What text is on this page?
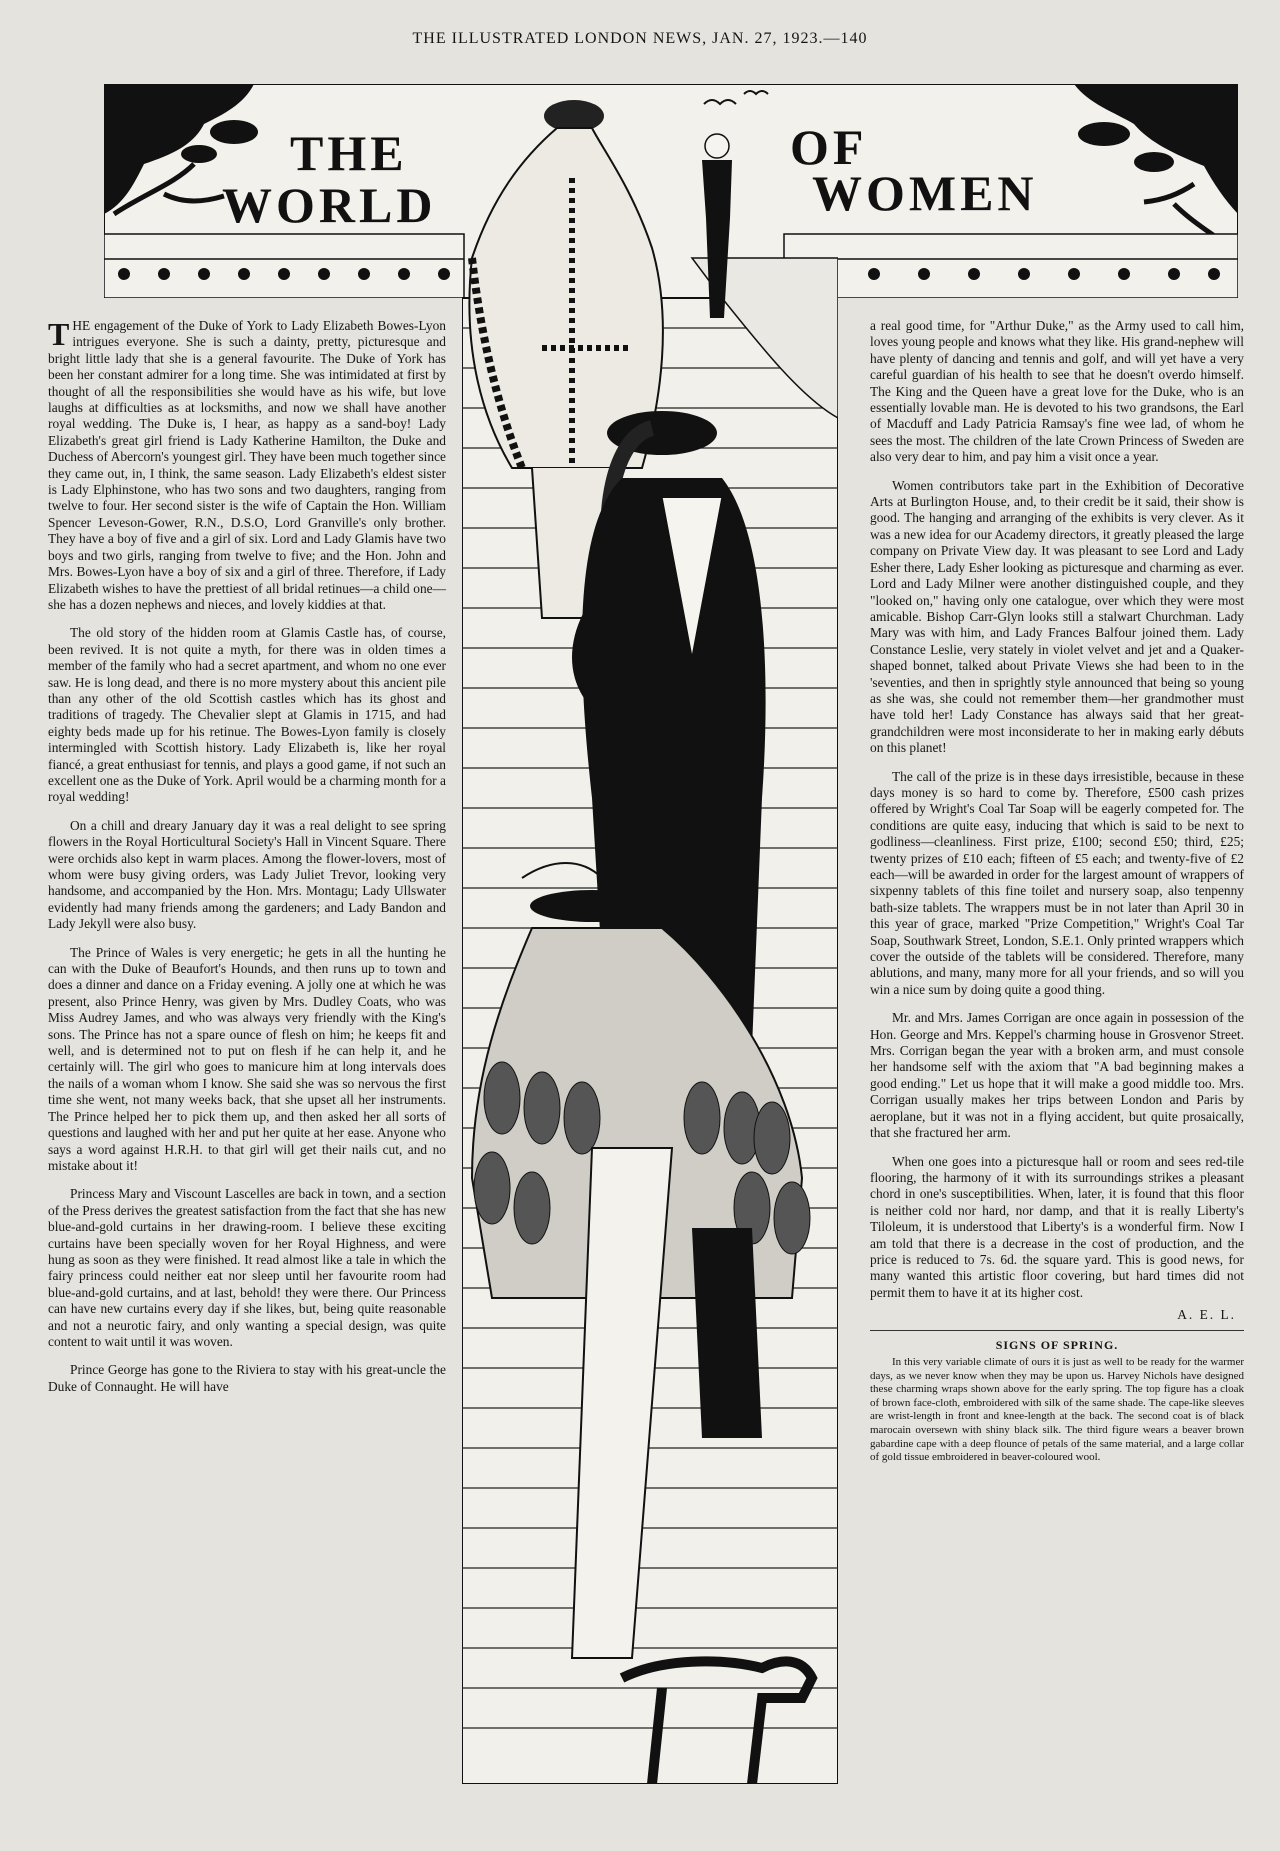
THE ILLUSTRATED LONDON NEWS, JAN. 27, 1923.—140
THE
WORLD
OF
WOMEN

THE engagement of the Duke of York to Lady Elizabeth Bowes-Lyon intrigues everyone. She is such a dainty, pretty, picturesque and bright little lady that she is a general favourite. The Duke of York has been her constant admirer for a long time. She was intimidated at first by thought of all the responsibilities she would have as his wife, but love laughs at difficulties as at locksmiths, and now we shall have another royal wedding. The Duke is, I hear, as happy as a sand-boy! Lady Elizabeth's great girl friend is Lady Katherine Hamilton, the Duke and Duchess of Abercorn's youngest girl. They have been much together since they came out, in, I think, the same season. Lady Elizabeth's eldest sister is Lady Elphinstone, who has two sons and two daughters, ranging from twelve to four. Her second sister is the wife of Captain the Hon. William Spencer Leveson-Gower, R.N., D.S.O, Lord Granville's only brother. They have a boy of five and a girl of six. Lord and Lady Glamis have two boys and two girls, ranging from twelve to five; and the Hon. John and Mrs. Bowes-Lyon have a boy of six and a girl of three. Therefore, if Lady Elizabeth wishes to have the prettiest of all bridal retinues—a child one—she has a dozen nephews and nieces, and lovely kiddies at that.

The old story of the hidden room at Glamis Castle has, of course, been revived. It is not quite a myth, for there was in olden times a member of the family who had a secret apartment, and whom no one ever saw. He is long dead, and there is no more mystery about this ancient pile than any other of the old Scottish castles which has its ghost and traditions of tragedy. The Chevalier slept at Glamis in 1715, and had eighty beds made up for his retinue. The Bowes-Lyon family is closely intermingled with Scottish history. Lady Elizabeth is, like her royal fiancé, a great enthusiast for tennis, and plays a good game, if not such an excellent one as the Duke of York. April would be a charming month for a royal wedding!

On a chill and dreary January day it was a real delight to see spring flowers in the Royal Horticultural Society's Hall in Vincent Square. There were orchids also kept in warm places. Among the flower-lovers, most of whom were busy giving orders, was Lady Juliet Trevor, looking very handsome, and accompanied by the Hon. Mrs. Montagu; Lady Ullswater evidently had many friends among the gardeners; and Lady Bandon and Lady Jekyll were also busy.

The Prince of Wales is very energetic; he gets in all the hunting he can with the Duke of Beaufort's Hounds, and then runs up to town and does a dinner and dance on a Friday evening. A jolly one at which he was present, also Prince Henry, was given by Mrs. Dudley Coats, who was Miss Audrey James, and who was always very friendly with the King's sons. The Prince has not a spare ounce of flesh on him; he keeps fit and well, and is determined not to put on flesh if he can help it, and he certainly will. The girl who goes to manicure him at long intervals does the nails of a woman whom I know. She said she was so nervous the first time she went, not many weeks back, that she upset all her instruments. The Prince helped her to pick them up, and then asked her all sorts of questions and laughed with her and put her quite at her ease. Anyone who says a word against H.R.H. to that girl will get their nails cut, and no mistake about it!

Princess Mary and Viscount Lascelles are back in town, and a section of the Press derives the greatest satisfaction from the fact that she has new blue-and-gold curtains in her drawing-room. I believe these exciting curtains have been specially woven for her Royal Highness, and were hung as soon as they were finished. It read almost like a tale in which the fairy princess could neither eat nor sleep until her favourite room had blue-and-gold curtains, and at last, behold! they were there. Our Princess can have new curtains every day if she likes, but, being quite reasonable and not a neurotic fairy, and only wanting a special design, was quite content to wait until it was woven.

Prince George has gone to the Riviera to stay with his great-uncle the Duke of Connaught. He will have

a real good time, for "Arthur Duke," as the Army used to call him, loves young people and knows what they like. His grand-nephew will have plenty of dancing and tennis and golf, and will yet have a very careful guardian of his health to see that he doesn't overdo himself. The King and the Queen have a great love for the Duke, who is an essentially lovable man. He is devoted to his two grandsons, the Earl of Macduff and Lady Patricia Ramsay's fine wee lad, of whom he sees the most. The children of the late Crown Princess of Sweden are also very dear to him, and pay him a visit once a year.

Women contributors take part in the Exhibition of Decorative Arts at Burlington House, and, to their credit be it said, their show is good. The hanging and arranging of the exhibits is very clever. As it was a new idea for our Academy directors, it greatly pleased the large company on Private View day. It was pleasant to see Lord and Lady Esher there, Lady Esher looking as picturesque and charming as ever. Lord and Lady Milner were another distinguished couple, and they "looked on," having only one catalogue, over which they were most amicable. Bishop Carr-Glyn looks still a stalwart Churchman. Lady Mary was with him, and Lady Frances Balfour joined them. Lady Constance Leslie, very stately in violet velvet and jet and a Quaker-shaped bonnet, talked about Private Views she had been to in the 'seventies, and then in sprightly style announced that being so young as she was, she could not remember them—her grandmother must have told her! Lady Constance has always said that her great-grandchildren were most inconsiderate to her in making early débuts on this planet!

The call of the prize is in these days irresistible, because in these days money is so hard to come by. Therefore, £500 cash prizes offered by Wright's Coal Tar Soap will be eagerly competed for. The conditions are quite easy, inducing that which is said to be next to godliness—cleanliness. First prize, £100; second £50; third, £25; twenty prizes of £10 each; fifteen of £5 each; and twenty-five of £2 each—will be awarded in order for the largest amount of wrappers of sixpenny tablets of this fine toilet and nursery soap, also tenpenny bath-size tablets. The wrappers must be in not later than April 30 in this year of grace, marked "Prize Competition," Wright's Coal Tar Soap, Southwark Street, London, S.E.1. Only printed wrappers which cover the outside of the tablets will be considered. Therefore, many ablutions, and many, many more for all your friends, and so will you win a nice sum by doing quite a good thing.

Mr. and Mrs. James Corrigan are once again in possession of the Hon. George and Mrs. Keppel's charming house in Grosvenor Street. Mrs. Corrigan began the year with a broken arm, and must console her handsome self with the axiom that "A bad beginning makes a good ending." Let us hope that it will make a good middle too. Mrs. Corrigan usually makes her trips between London and Paris by aeroplane, but it was not in a flying accident, but quite prosaically, that she fractured her arm.

When one goes into a picturesque hall or room and sees red-tile flooring, the harmony of it with its surroundings strikes a pleasant chord in one's susceptibilities. When, later, it is found that this floor is neither cold nor hard, nor damp, and that it is really Liberty's Tiloleum, it is understood that Liberty's is a wonderful firm. Now I am told that there is a decrease in the cost of production, and the price is reduced to 7s. 6d. the square yard. This is good news, for many wanted this artistic floor covering, but hard times did not permit them to have it at its higher cost.

A. E. L.
SIGNS OF SPRING.

In this very variable climate of ours it is just as well to be ready for the warmer days, as we never know when they may be upon us. Harvey Nichols have designed these charming wraps shown above for the early spring. The top figure has a cloak of brown face-cloth, embroidered with silk of the same shade. The cape-like sleeves are wrist-length in front and knee-length at the back. The second coat is of black marocain oversewn with shiny black silk. The third figure wears a beaver brown gabardine cape with a deep flounce of petals of the same material, and a large collar of gold tissue embroidered in beaver-coloured wool.
